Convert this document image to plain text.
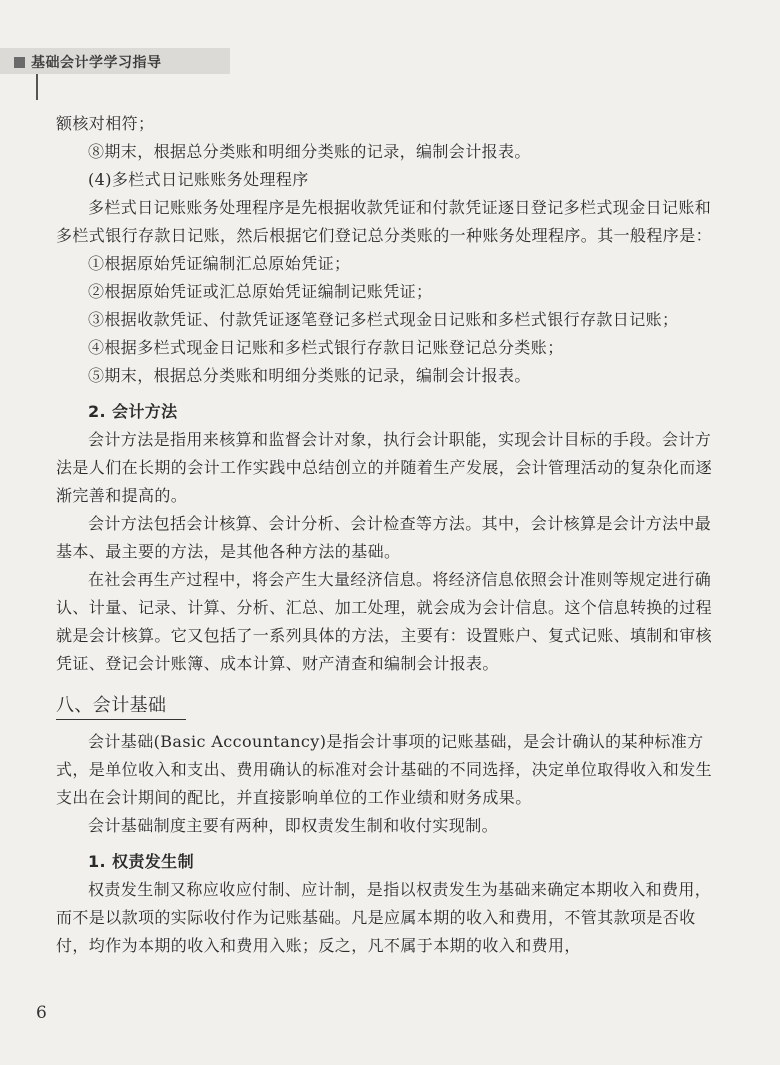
基础会计学学习指导

额核对相符；

⑧期末，根据总分类账和明细分类账的记录，编制会计报表。

(4)多栏式日记账账务处理程序

多栏式日记账账务处理程序是先根据收款凭证和付款凭证逐日登记多栏式现金日记账和多栏式银行存款日记账，然后根据它们登记总分类账的一种账务处理程序。其一般程序是：

①根据原始凭证编制汇总原始凭证；

②根据原始凭证或汇总原始凭证编制记账凭证；

③根据收款凭证、付款凭证逐笔登记多栏式现金日记账和多栏式银行存款日记账；

④根据多栏式现金日记账和多栏式银行存款日记账登记总分类账；

⑤期末，根据总分类账和明细分类账的记录，编制会计报表。

2. 会计方法

会计方法是指用来核算和监督会计对象，执行会计职能，实现会计目标的手段。会计方法是人们在长期的会计工作实践中总结创立的并随着生产发展，会计管理活动的复杂化而逐渐完善和提高的。

会计方法包括会计核算、会计分析、会计检查等方法。其中，会计核算是会计方法中最基本、最主要的方法，是其他各种方法的基础。

在社会再生产过程中，将会产生大量经济信息。将经济信息依照会计准则等规定进行确认、计量、记录、计算、分析、汇总、加工处理，就会成为会计信息。这个信息转换的过程就是会计核算。它又包括了一系列具体的方法，主要有：设置账户、复式记账、填制和审核凭证、登记会计账簿、成本计算、财产清查和编制会计报表。

八、会计基础

会计基础(Basic Accountancy)是指会计事项的记账基础，是会计确认的某种标准方式，是单位收入和支出、费用确认的标准对会计基础的不同选择，决定单位取得收入和发生支出在会计期间的配比，并直接影响单位的工作业绩和财务成果。

会计基础制度主要有两种，即权责发生制和收付实现制。

1. 权责发生制

权责发生制又称应收应付制、应计制，是指以权责发生为基础来确定本期收入和费用，而不是以款项的实际收付作为记账基础。凡是应属本期的收入和费用，不管其款项是否收付，均作为本期的收入和费用入账；反之，凡不属于本期的收入和费用，

6
